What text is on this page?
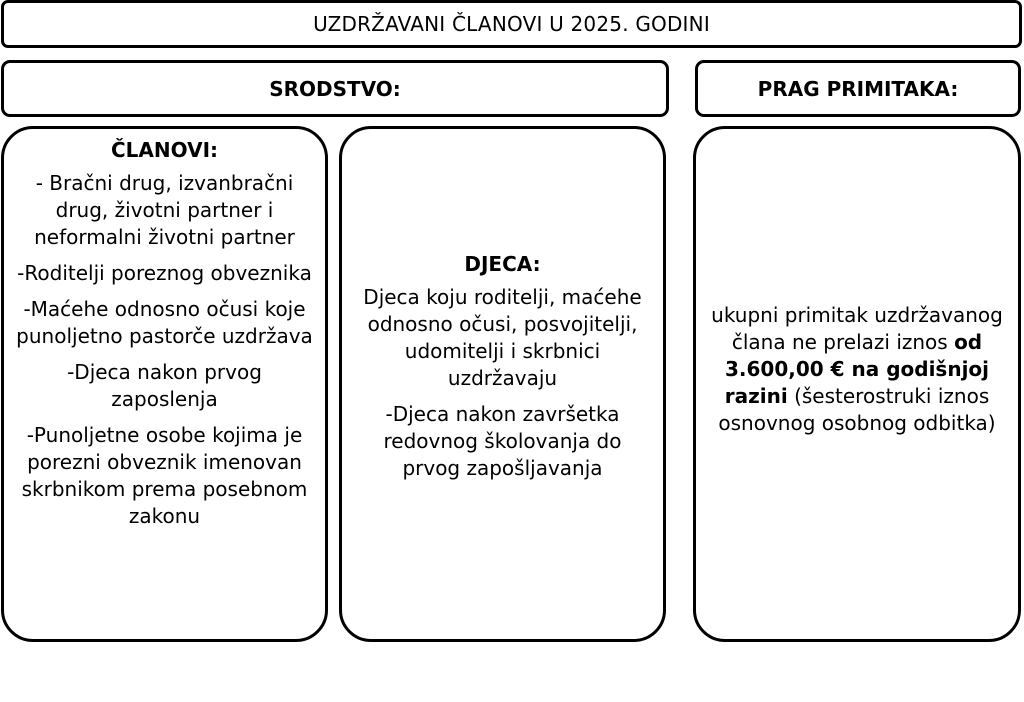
UZDRŽAVANI ČLANOVI U 2025. GODINI
SRODSTVO:	PRAG PRIMITAKA:
ČLANOVI:
- Bračni drug, izvanbračni drug, životni partner i neformalni životni partner
-Roditelji poreznog obveznika
-Maćehe odnosno očusi koje punoljetno pastorče uzdržava
-Djeca nakon prvog zaposlenja
-Punoljetne osobe kojima je porezni obveznik imenovan skrbnikom prema posebnom zakonu
DJECA:
Djeca koju roditelji, maćehe odnosno očusi, posvojitelji, udomitelji i skrbnici uzdržavaju
-Djeca nakon završetka redovnog školovanja do prvog zapošljavanja
ukupni primitak uzdržavanog člana ne prelazi iznos od 3.600,00 € na godišnjoj razini (šesterostruki iznos osnovnog osobnog odbitka)
